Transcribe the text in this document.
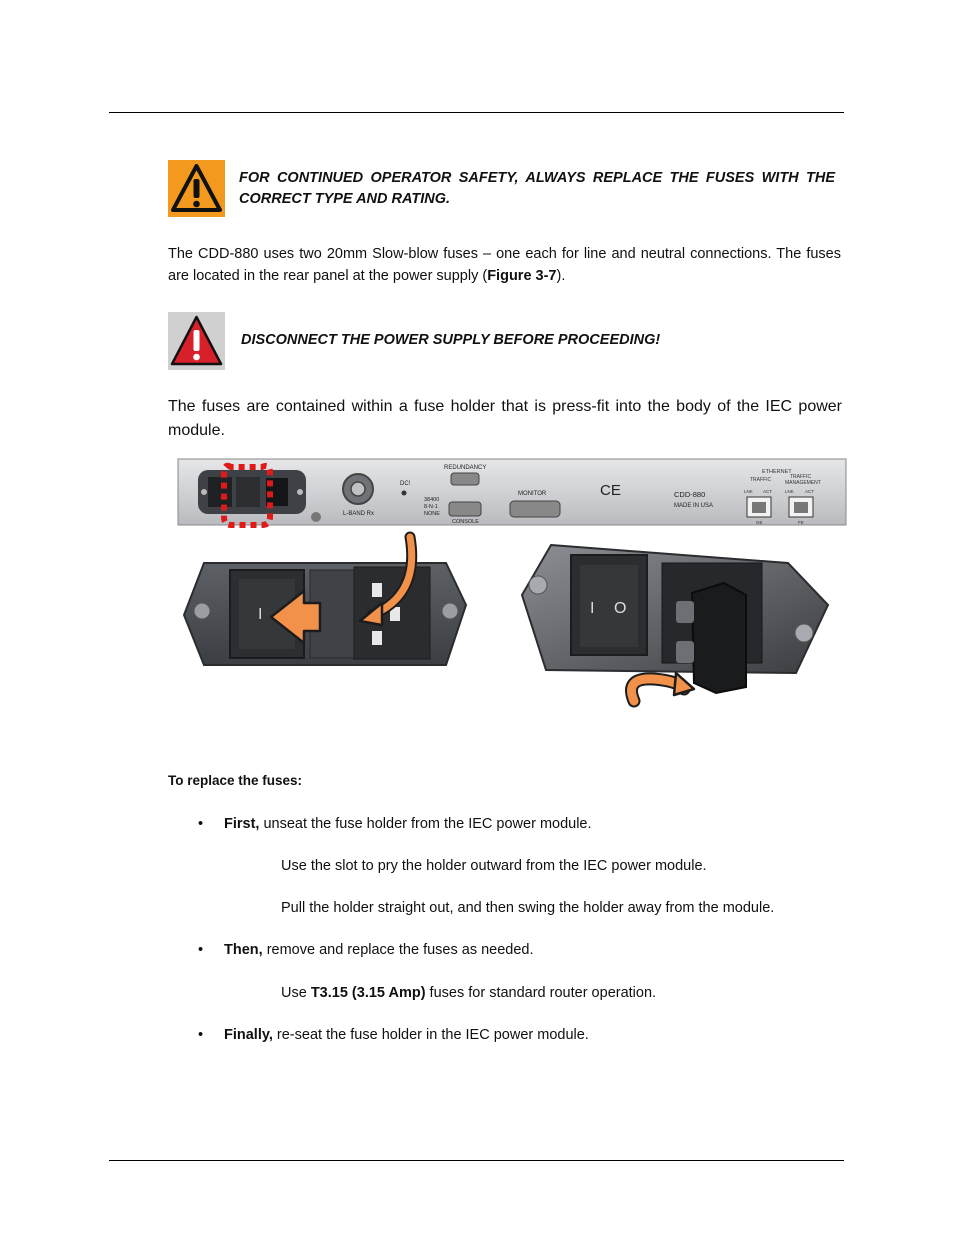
FOR CONTINUED OPERATOR SAFETY, ALWAYS REPLACE THE FUSES WITH THE CORRECT TYPE AND RATING.
The CDD-880 uses two 20mm Slow-blow fuses – one each for line and neutral connections. The fuses are located in the rear panel at the power supply (Figure 3-7).
DISCONNECT THE POWER SUPPLY BEFORE PROCEEDING!
The fuses are contained within a fuse holder that is press-fit into the body of the IEC power module.
L-BAND Rx
DC!
REDUNDANCY
38400
8-N-1
NONE
CONSOLE
MONITOR	CE	CDD-880
MADE IN USA
ETHERNET
TRAFFIC	TRAFFIC
MANAGEMENT
LNK ACT	LNK ACT
GE	FE
I	I O
To replace the fuses:
• First, unseat the fuse holder from the IEC power module.
Use the slot to pry the holder outward from the IEC power module.
Pull the holder straight out, and then swing the holder away from the module.
• Then, remove and replace the fuses as needed.
Use T3.15 (3.15 Amp) fuses for standard router operation.
• Finally, re-seat the fuse holder in the IEC power module.
